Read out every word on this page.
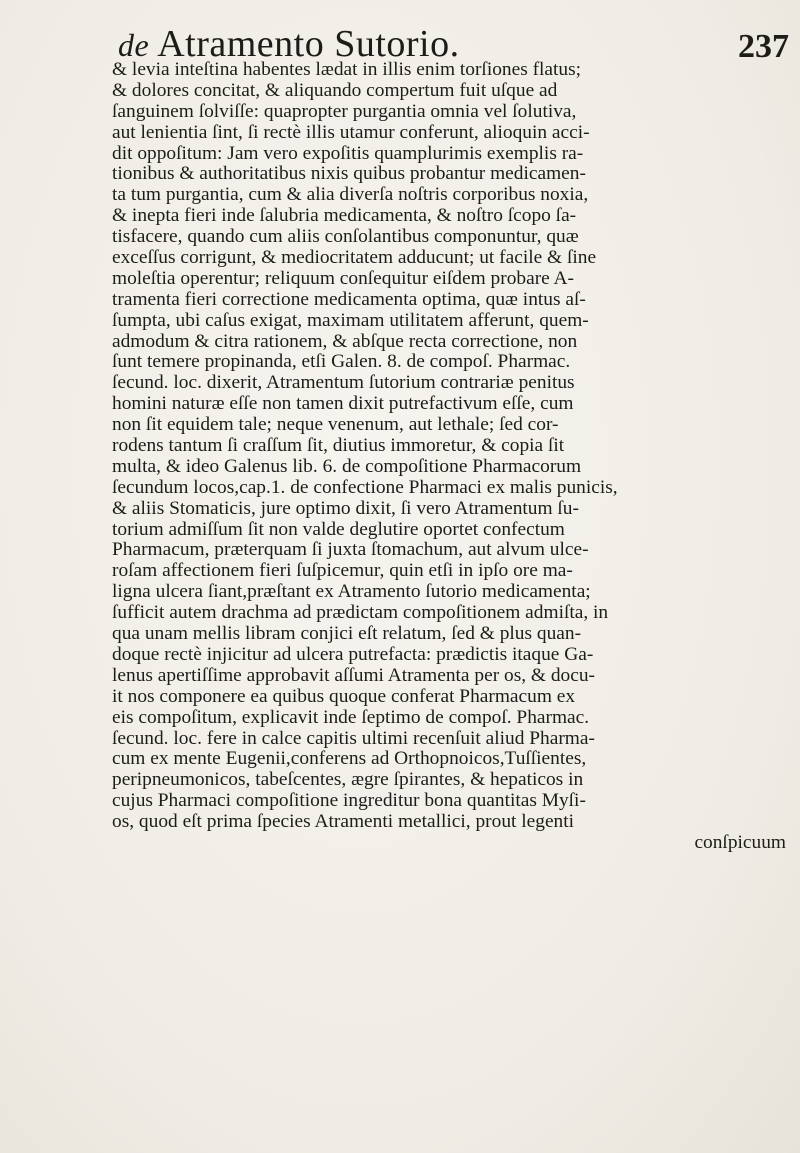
de Atramento Sutorio.	237
& levia inteſtina habentes lædat in illis enim torſiones flatus;
& dolores concitat, & aliquando compertum fuit uſque ad
ſanguinem ſolviſſe: quapropter purgantia omnia vel ſolutiva,
aut lenientia ſint, ſi rectè illis utamur conferunt, alioquin acci-
dit oppoſitum: Jam vero expoſitis quamplurimis exemplis ra-
tionibus & authoritatibus nixis quibus probantur medicamen-
ta tum purgantia, cum & alia diverſa noſtris corporibus noxia,
& inepta fieri inde ſalubria medicamenta, & noſtro ſcopo ſa-
tisfacere, quando cum aliis conſolantibus componuntur, quæ
exceſſus corrigunt, & mediocritatem adducunt; ut facile & ſine
moleſtia operentur; reliquum conſequitur eiſdem probare A-
tramenta fieri correctione medicamenta optima, quæ intus aſ-
ſumpta, ubi caſus exigat, maximam utilitatem afferunt, quem-
admodum & citra rationem, & abſque recta correctione, non
ſunt temere propinanda, etſi Galen. 8. de compoſ. Pharmac.
ſecund. loc. dixerit, Atramentum ſutorium contrariæ penitus
homini naturæ eſſe non tamen dixit putrefactivum eſſe, cum
non ſit equidem tale; neque venenum, aut lethale; ſed cor-
rodens tantum ſi craſſum ſit, diutius immoretur, & copia ſit
multa, & ideo Galenus lib. 6. de compoſitione Pharmacorum
ſecundum locos,cap.1. de confectione Pharmaci ex malis punicis,
& aliis Stomaticis, jure optimo dixit, ſi vero Atramentum ſu-
torium admiſſum ſit non valde deglutire oportet confectum
Pharmacum, præterquam ſi juxta ſtomachum, aut alvum ulce-
roſam affectionem fieri ſuſpicemur, quin etſi in ipſo ore ma-
ligna ulcera ſiant,præſtant ex Atramento ſutorio medicamenta;
ſufficit autem drachma ad prædictam compoſitionem admiſta, in
qua unam mellis libram conjici eſt relatum, ſed & plus quan-
doque rectè injicitur ad ulcera putrefacta: prædictis itaque Ga-
lenus apertiſſime approbavit aſſumi Atramenta per os, & docu-
it nos componere ea quibus quoque conferat Pharmacum ex
eis compoſitum, explicavit inde ſeptimo de compoſ. Pharmac.
ſecund. loc. fere in calce capitis ultimi recenſuit aliud Pharma-
cum ex mente Eugenii,conferens ad Orthopnoicos,Tuſſientes,
peripneumonicos, tabeſcentes, ægre ſpirantes, & hepaticos in
cujus Pharmaci compoſitione ingreditur bona quantitas Myſi-
os, quod eſt prima ſpecies Atramenti metallici, prout legenti
conſpicuum
